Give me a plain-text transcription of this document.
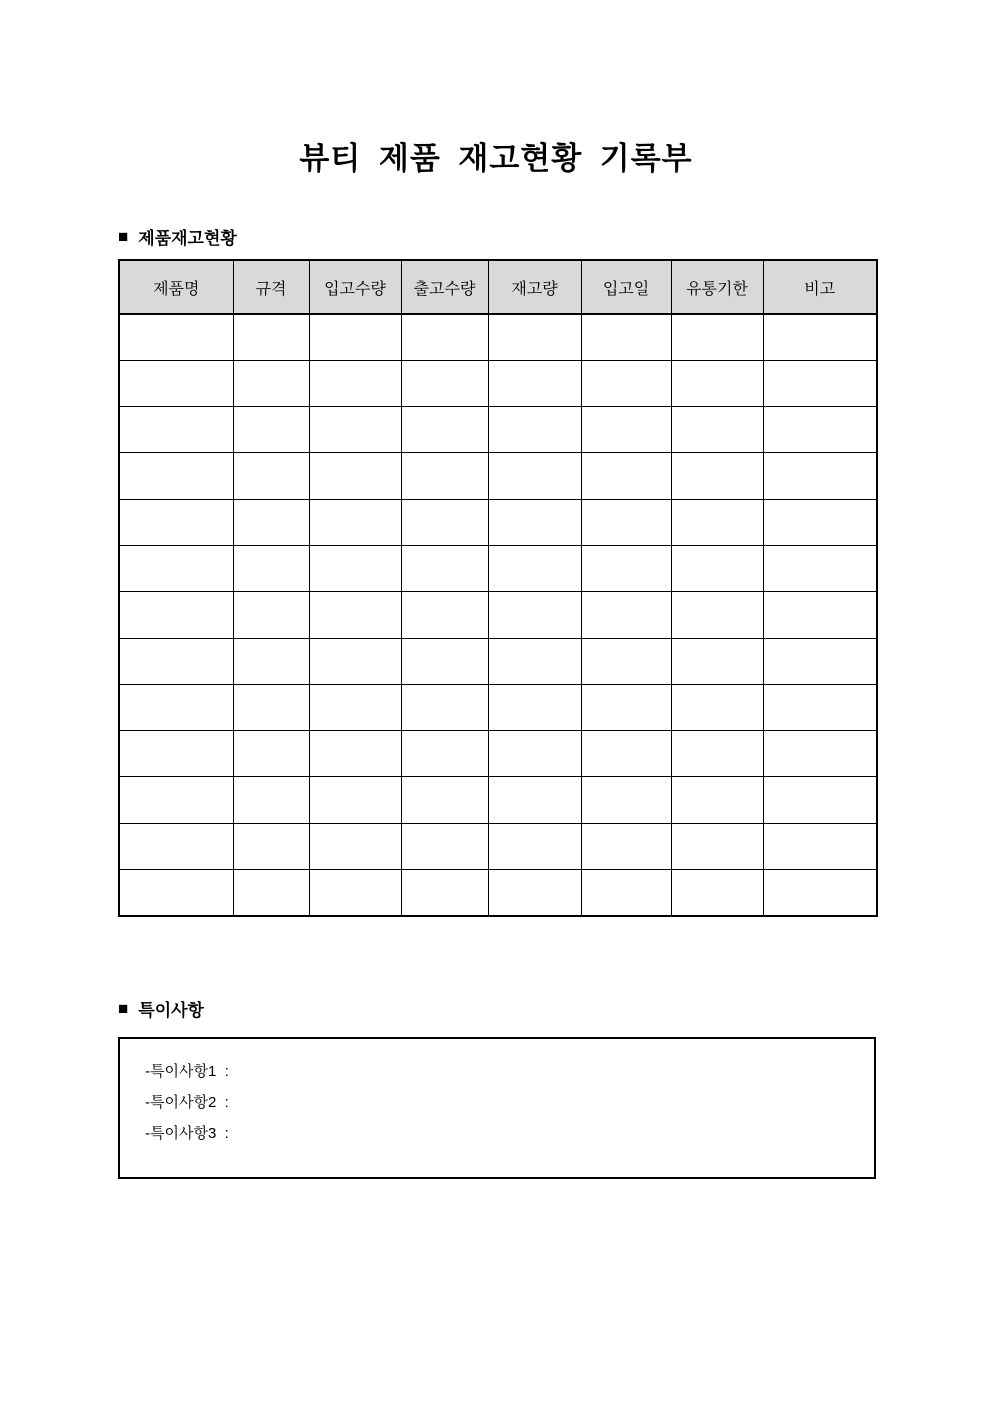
뷰티 제품 재고현황 기록부
■ 제품재고현황
제품명	규격	입고수량	출고수량	재고량	입고일	유통기한	비고

■ 특이사항
-특이사항1  :
-특이사항2  :
-특이사항3  :
